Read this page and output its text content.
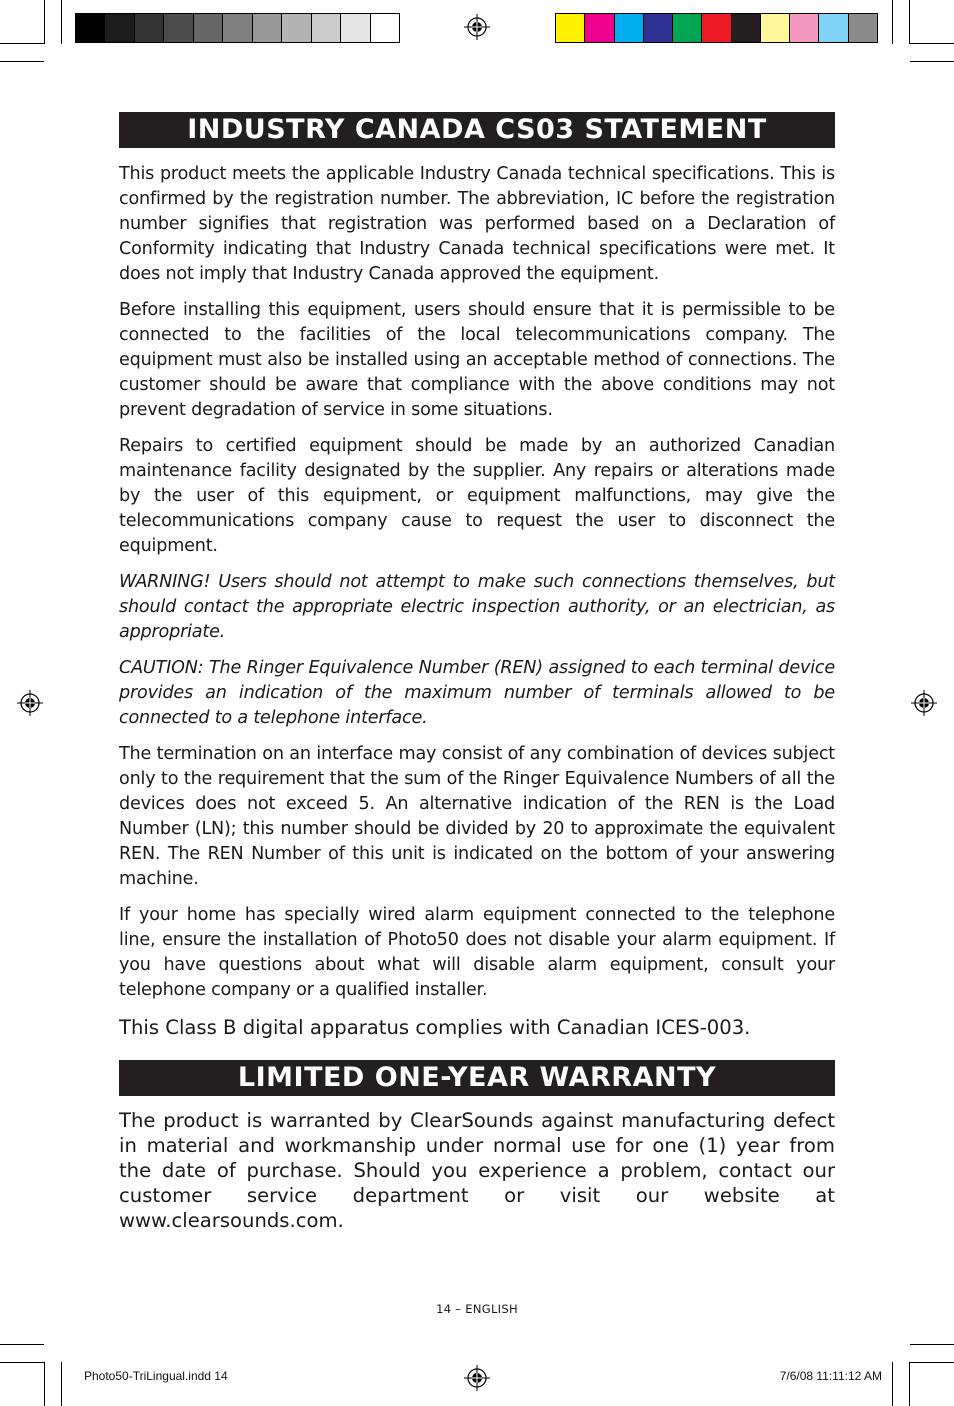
INDUSTRY CANADA CS03 STATEMENT

This product meets the applicable Industry Canada technical specifications. This is confirmed by the registration number. The abbreviation, IC before the registration number signifies that registration was performed based on a Declaration of Conformity indicating that Industry Canada technical specifications were met. It does not imply that Industry Canada approved the equipment.

Before installing this equipment, users should ensure that it is permissible to be connected to the facilities of the local telecommunications company. The equipment must also be installed using an acceptable method of connections. The customer should be aware that compliance with the above conditions may not prevent degradation of service in some situations.

Repairs to certified equipment should be made by an authorized Canadian maintenance facility designated by the supplier. Any repairs or alterations made by the user of this equipment, or equipment malfunctions, may give the telecommunications company cause to request the user to disconnect the equipment.

WARNING! Users should not attempt to make such connections themselves, but should contact the appropriate electric inspection authority, or an electrician, as appropriate.

CAUTION: The Ringer Equivalence Number (REN) assigned to each terminal device provides an indication of the maximum number of terminals allowed to be connected to a telephone interface.

The termination on an interface may consist of any combination of devices subject only to the requirement that the sum of the Ringer Equivalence Numbers of all the devices does not exceed 5. An alternative indication of the REN is the Load Number (LN); this number should be divided by 20 to approximate the equivalent REN. The REN Number of this unit is indicated on the bottom of your answering machine.

If your home has specially wired alarm equipment connected to the telephone line, ensure the installation of Photo50 does not disable your alarm equipment. If you have questions about what will disable alarm equipment, consult your telephone company or a qualified installer.

This Class B digital apparatus complies with Canadian ICES-003.

LIMITED ONE-YEAR WARRANTY

The product is warranted by ClearSounds against manufacturing defect in material and workmanship under normal use for one (1) year from the date of purchase. Should you experience a problem, contact our customer service department or visit our website at www.clearsounds.com.

14 – ENGLISH
Photo50-TriLingual.indd 14	7/6/08 11:11:12 AM
